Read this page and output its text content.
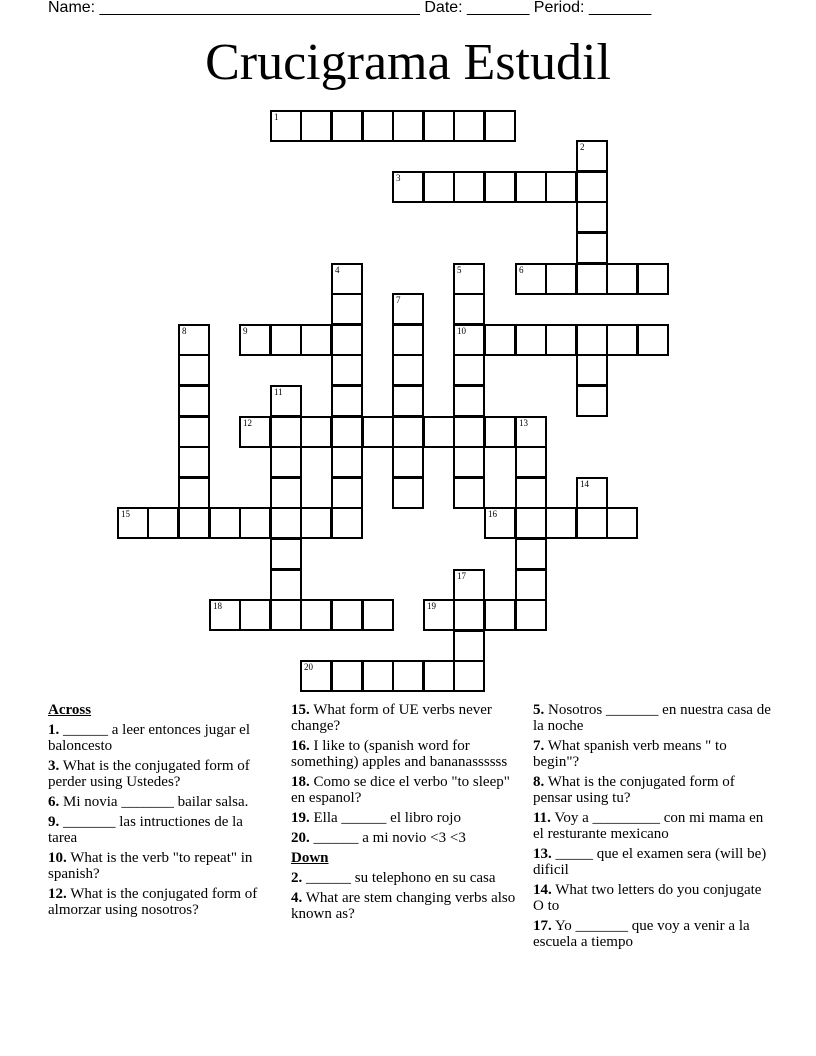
Name: ____________________________________ Date: _______ Period: _______
Crucigrama Estudil
1
2
3
4	5	6
7
8	9	10
11
12	13
14
15	16
17
18	19
20
Across
1. ______ a leer entonces jugar el baloncesto
3. What is the conjugated form of perder using Ustedes?
6. Mi novia _______ bailar salsa.
9. _______ las intructiones de la tarea
10. What is the verb "to repeat" in spanish?
12. What is the conjugated form of almorzar using nosotros?
15. What form of UE verbs never change?
16. I like to (spanish word for something) apples and bananassssss
18. Como se dice el verbo "to sleep" en espanol?
19. Ella ______ el libro rojo
20. ______ a mi novio <3 <3
Down
2. ______ su telephono en su casa
4. What are stem changing verbs also known as?
5. Nosotros _______ en nuestra casa de la noche
7. What spanish verb means " to begin"?
8. What is the conjugated form of pensar using tu?
11. Voy a _________ con mi mama en el resturante mexicano
13. _____ que el examen sera (will be) dificil
14. What two letters do you conjugate O to
17. Yo _______ que voy a venir a la escuela a tiempo
